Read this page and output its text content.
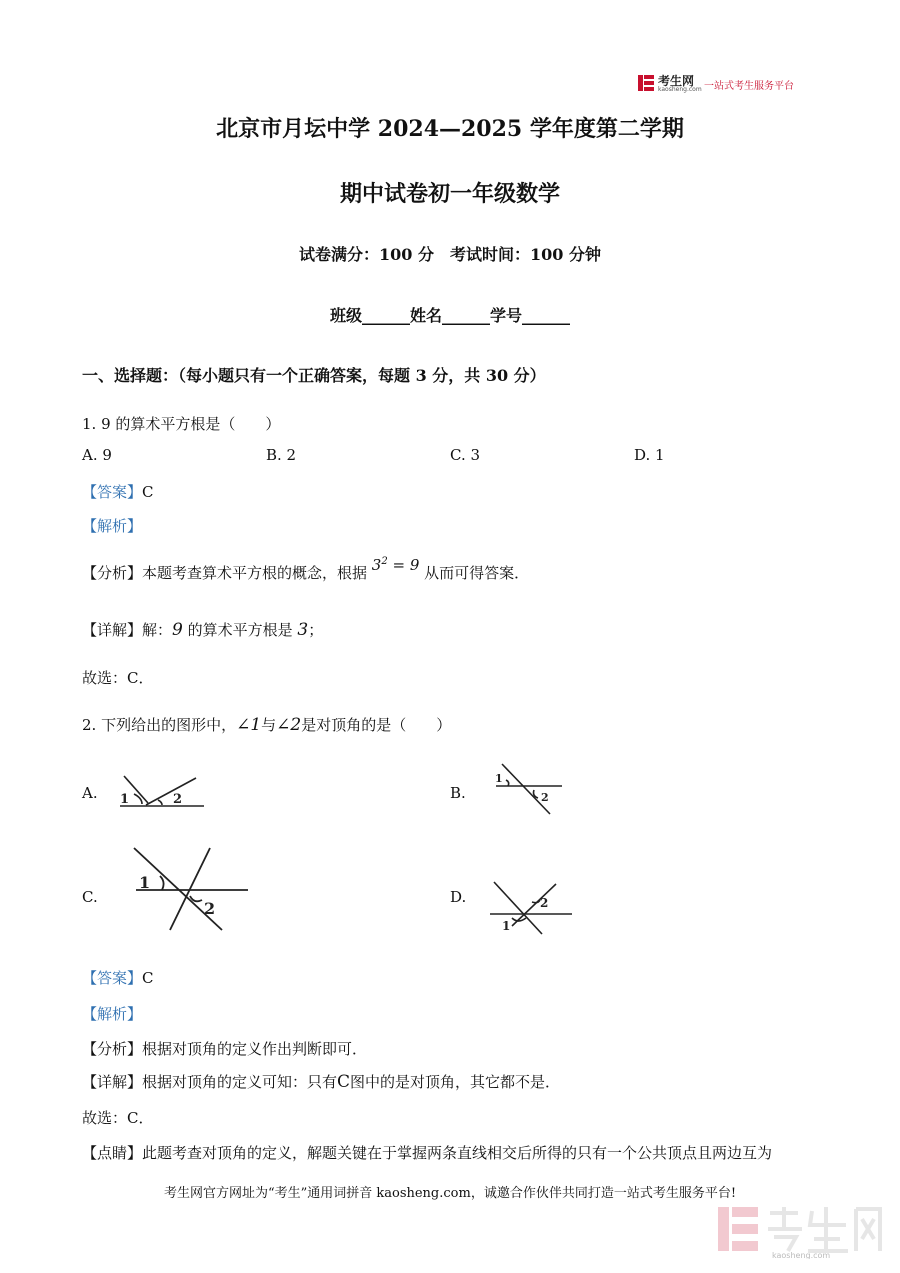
考生网
kaosheng.com 一站式考生服务平台
北京市月坛中学 2024—2025 学年度第二学期
期中试卷初一年级数学
试卷满分：100 分　考试时间：100 分钟
班级______姓名______学号______
一、选择题：（每小题只有一个正确答案，每题 3 分，共 30 分）
1. 9 的算术平方根是（　　）
A. 9	B. 2	C. 3	D. 1
【答案】C
【解析】
【分析】本题考查算术平方根的概念，根据 $3^2 = 9$ 从而可得答案．
【详解】解：9 的算术平方根是 3；
故选：C．
2. 下列给出的图形中，∠1与∠2是对顶角的是（　　）
A.	B.
C.	D.
1	2
1
2
1
2
1
2
【答案】C
【解析】
【分析】根据对顶角的定义作出判断即可．
【详解】根据对顶角的定义可知：只有C图中的是对顶角，其它都不是．
故选：C．
【点睛】此题考查对顶角的定义，解题关键在于掌握两条直线相交后所得的只有一个公共顶点且两边互为
考生网官方网址为“考生”通用词拼音 kaosheng.com，诚邀合作伙伴共同打造一站式考生服务平台!
kaosheng.com
